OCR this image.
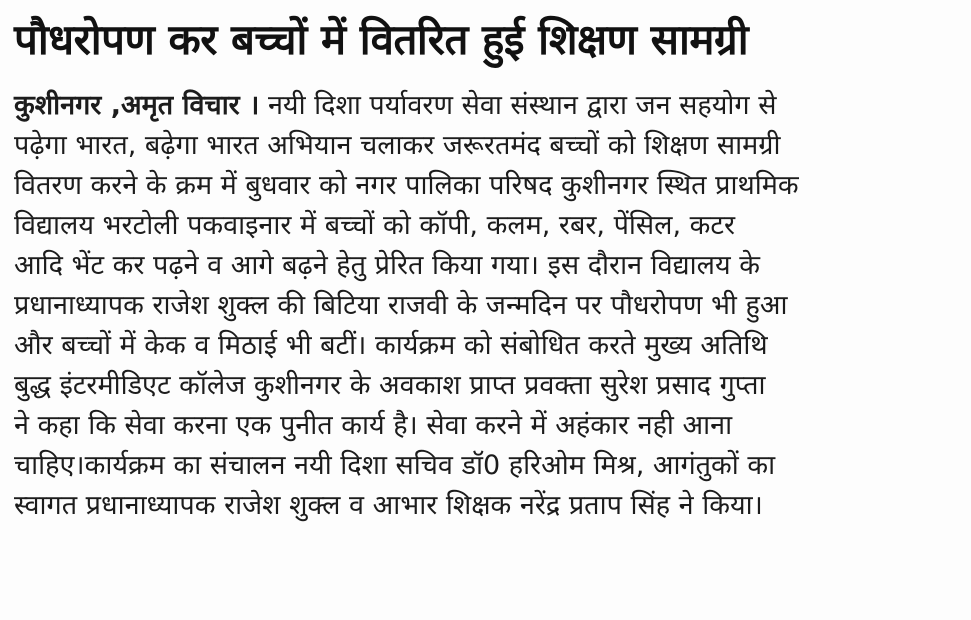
पौधरोपण कर बच्चों में वितरित हुई शिक्षण सामग्री

कुशीनगर ,अमृत विचार । नयी दिशा पर्यावरण सेवा संस्थान द्वारा जन सहयोग से
पढ़ेगा भारत, बढ़ेगा भारत अभियान चलाकर जरूरतमंद बच्चों को शिक्षण सामग्री
वितरण करने के क्रम में बुधवार को नगर पालिका परिषद कुशीनगर स्थित प्राथमिक
विद्यालय भरटोली पकवाइनार में बच्चों को कॉपी, कलम, रबर, पेंसिल, कटर
आदि भेंट कर पढ़ने व आगे बढ़ने हेतु प्रेरित किया गया। इस दौरान विद्यालय के
प्रधानाध्यापक राजेश शुक्ल की बिटिया राजवी के जन्मदिन पर पौधरोपण भी हुआ
और बच्चों में केक व मिठाई भी बटीं। कार्यक्रम को संबोधित करते मुख्य अतिथि
बुद्ध इंटरमीडिएट कॉलेज कुशीनगर के अवकाश प्राप्त प्रवक्ता सुरेश प्रसाद गुप्ता
ने कहा कि सेवा करना एक पुनीत कार्य है। सेवा करने में अहंकार नही आना
चाहिए।कार्यक्रम का संचालन नयी दिशा सचिव डॉ0 हरिओम मिश्र, आगंतुकों का
स्वागत प्रधानाध्यापक राजेश शुक्ल व आभार शिक्षक नरेंद्र प्रताप सिंह ने किया।
